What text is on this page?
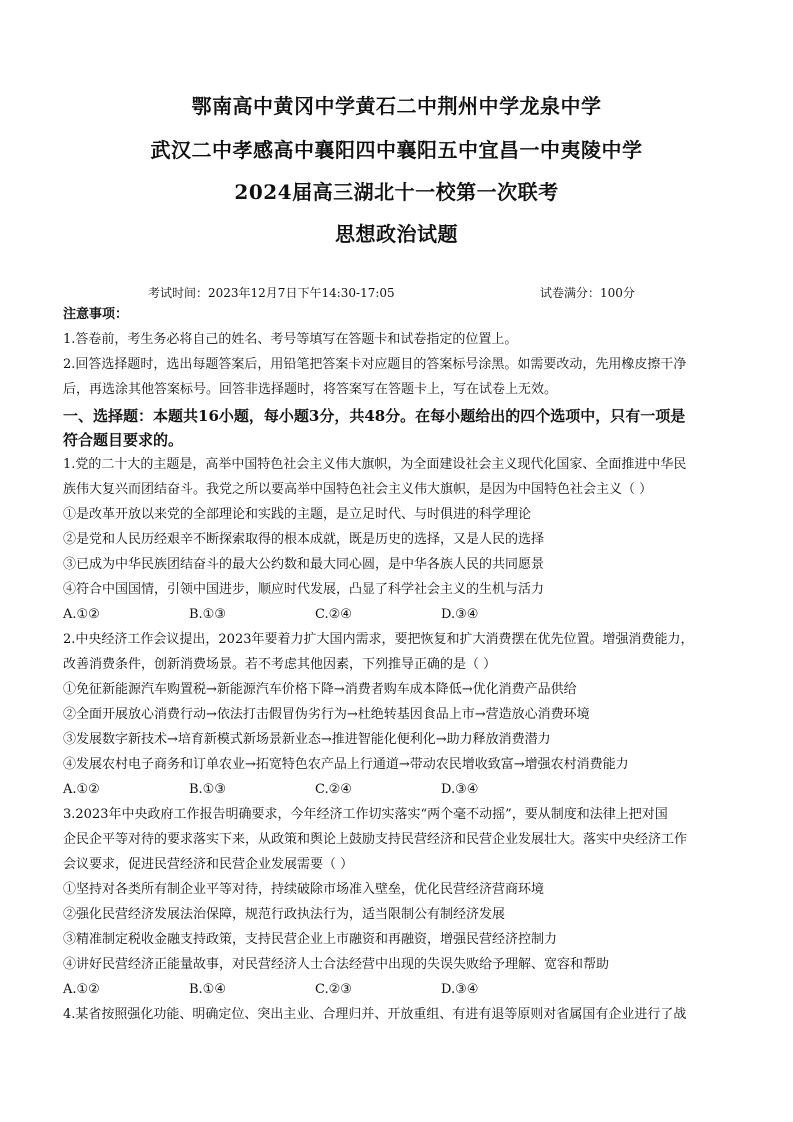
鄂南高中黄冈中学黄石二中荆州中学龙泉中学
武汉二中孝感高中襄阳四中襄阳五中宜昌一中夷陵中学
2024届高三湖北十一校第一次联考
思想政治试题
考试时间：2023年12月7日下午14:30-17:05	试卷满分：100分
注意事项：
1.答卷前，考生务必将自己的姓名、考号等填写在答题卡和试卷指定的位置上。
2.回答选择题时，选出每题答案后，用铅笔把答案卡对应题目的答案标号涂黑。如需要改动，先用橡皮擦干净
后，再选涂其他答案标号。回答非选择题时，将答案写在答题卡上，写在试卷上无效。
一、选择题：本题共16小题，每小题3分，共48分。在每小题给出的四个选项中，只有一项是
符合题目要求的。
1.党的二十大的主题是，高举中国特色社会主义伟大旗帜，为全面建设社会主义现代化国家、全面推进中华民
族伟大复兴而团结奋斗。我党之所以要高举中国特色社会主义伟大旗帜，是因为中国特色社会主义（ ）
①是改革开放以来党的全部理论和实践的主题，是立足时代、与时俱进的科学理论
②是党和人民历经艰辛不断探索取得的根本成就，既是历史的选择，又是人民的选择
③已成为中华民族团结奋斗的最大公约数和最大同心圆，是中华各族人民的共同愿景
④符合中国国情，引领中国进步，顺应时代发展，凸显了科学社会主义的生机与活力
A.①②	B.①③	C.②④	D.③④
2.中央经济工作会议提出，2023年要着力扩大国内需求，要把恢复和扩大消费摆在优先位置。增强消费能力，
改善消费条件，创新消费场景。若不考虑其他因素，下列推导正确的是（ ）
①免征新能源汽车购置税→新能源汽车价格下降→消费者购车成本降低→优化消费产品供给
②全面开展放心消费行动→依法打击假冒伪劣行为→杜绝转基因食品上市→营造放心消费环境
③发展数字新技术→培育新模式新场景新业态→推进智能化便利化→助力释放消费潜力
④发展农村电子商务和订单农业→拓宽特色农产品上行通道→带动农民增收致富→增强农村消费能力
A.①②	B.①③	C.②④	D.③④
3.2023年中央政府工作报告明确要求，今年经济工作切实落实“两个毫不动摇”，要从制度和法律上把对国
企民企平等对待的要求落实下来，从政策和舆论上鼓励支持民营经济和民营企业发展壮大。落实中央经济工作
会议要求，促进民营经济和民营企业发展需要（ ）
①坚持对各类所有制企业平等对待，持续破除市场准入壁垒，优化民营经济营商环境
②强化民营经济发展法治保障，规范行政执法行为，适当限制公有制经济发展
③精准制定税收金融支持政策，支持民营企业上市融资和再融资，增强民营经济控制力
④讲好民营经济正能量故事，对民营经济人士合法经营中出现的失误失败给予理解、宽容和帮助
A.①②	B.①④	C.②③	D.③④
4.某省按照强化功能、明确定位、突出主业、合理归并、开放重组、有进有退等原则对省属国有企业进行了战
